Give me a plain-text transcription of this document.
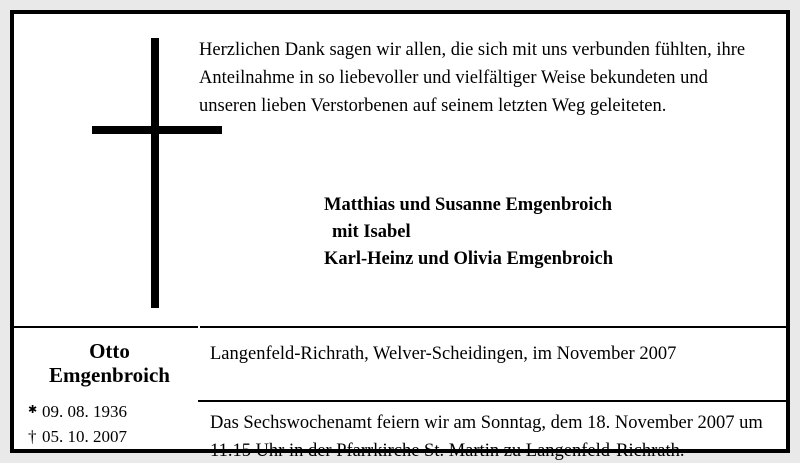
Herzlichen Dank sagen wir allen, die sich mit uns verbunden fühlten, ihre Anteilnahme in so liebevoller und vielfältiger Weise bekundeten und unseren lieben Verstorbenen auf seinem letzten Weg geleiteten.
Matthias und Susanne Emgenbroich
mit Isabel
Karl-Heinz und Olivia Emgenbroich
Otto
Emgenbroich
✱ 09. 08. 1936
† 05. 10. 2007
Langenfeld-Richrath, Welver-Scheidingen, im November 2007
Das Sechswochenamt feiern wir am Sonntag, dem 18. November 2007 um 11.15 Uhr in der Pfarrkirche St. Martin zu Langenfeld-Richrath.
